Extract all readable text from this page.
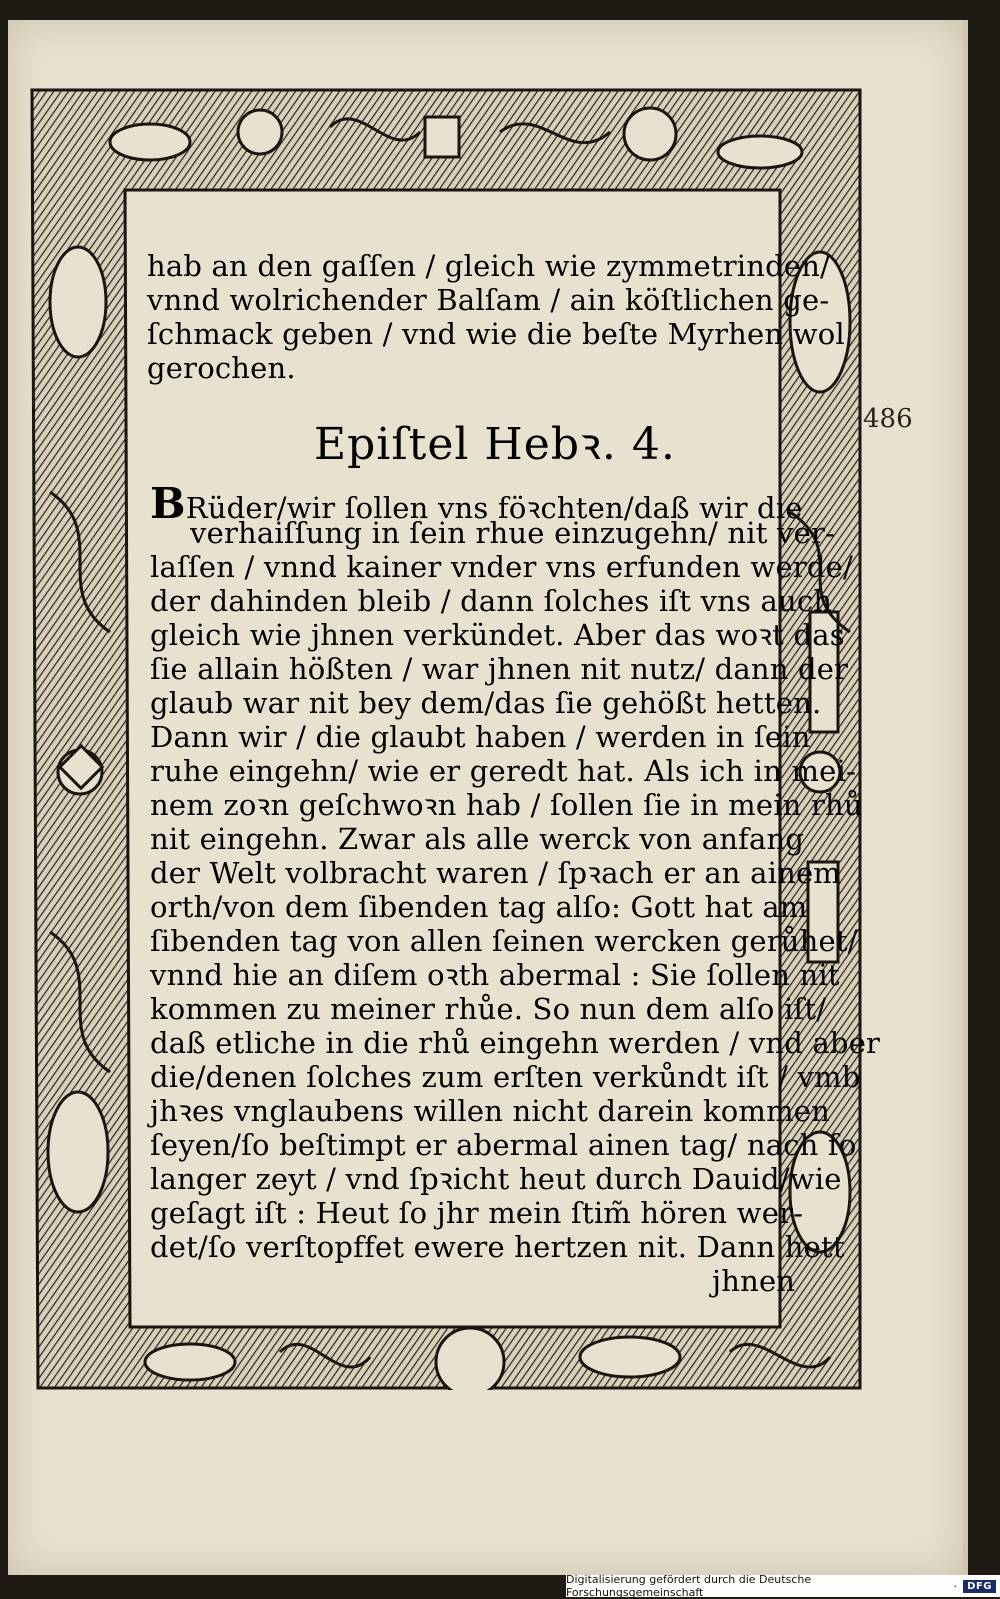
486
hab an den gaſſen / gleich wie zymmetrinden/
vnnd wolrichender Balſam / ain köſtlichen ge-
ſchmack geben / vnd wie die beſte Myrhen wol
gerochen.
Epiſtel Hebꝛ. 4.
BRüder/wir ſollen vns föꝛchten/daß wir die
verhaiſſung in ſein rhue einzugehn/ nit ver-
laſſen / vnnd kainer vnder vns erfunden werde/
der dahinden bleib / dann ſolches iſt vns auch
gleich wie jhnen verkündet. Aber das woꝛt das
ſie allain hößten / war jhnen nit nutz/ dann der
glaub war nit bey dem/das ſie gehößt hetten.
Dann wir / die glaubt haben / werden in ſein
ruhe eingehn/ wie er geredt hat. Als ich in mei-
nem zoꝛn geſchwoꝛn hab / ſollen ſie in mein rhů
nit eingehn. Zwar als alle werck von anfang
der Welt volbracht waren / ſpꝛach er an ainem
orth/von dem ſibenden tag alſo: Gott hat am
ſibenden tag von allen ſeinen wercken gerůhet/
vnnd hie an diſem oꝛth abermal : Sie ſollen nit
kommen zu meiner rhůe. So nun dem alſo iſt/
daß etliche in die rhů eingehn werden / vnd aber
die/denen ſolches zum erſten verkůndt iſt / vmb
jhꝛes vnglaubens willen nicht darein kommen
ſeyen/ſo beſtimpt er abermal ainen tag/ nach ſo
langer zeyt / vnd ſpꝛicht heut durch Dauid/wie
geſagt iſt : Heut ſo jhr mein ſtim̃ hören wer-
det/ſo verſtopffet ewere hertzen nit. Dann hett
jhnen
Digitalisierung gefördert durch die Deutsche Forschungsgemeinschaft	·	DFG
